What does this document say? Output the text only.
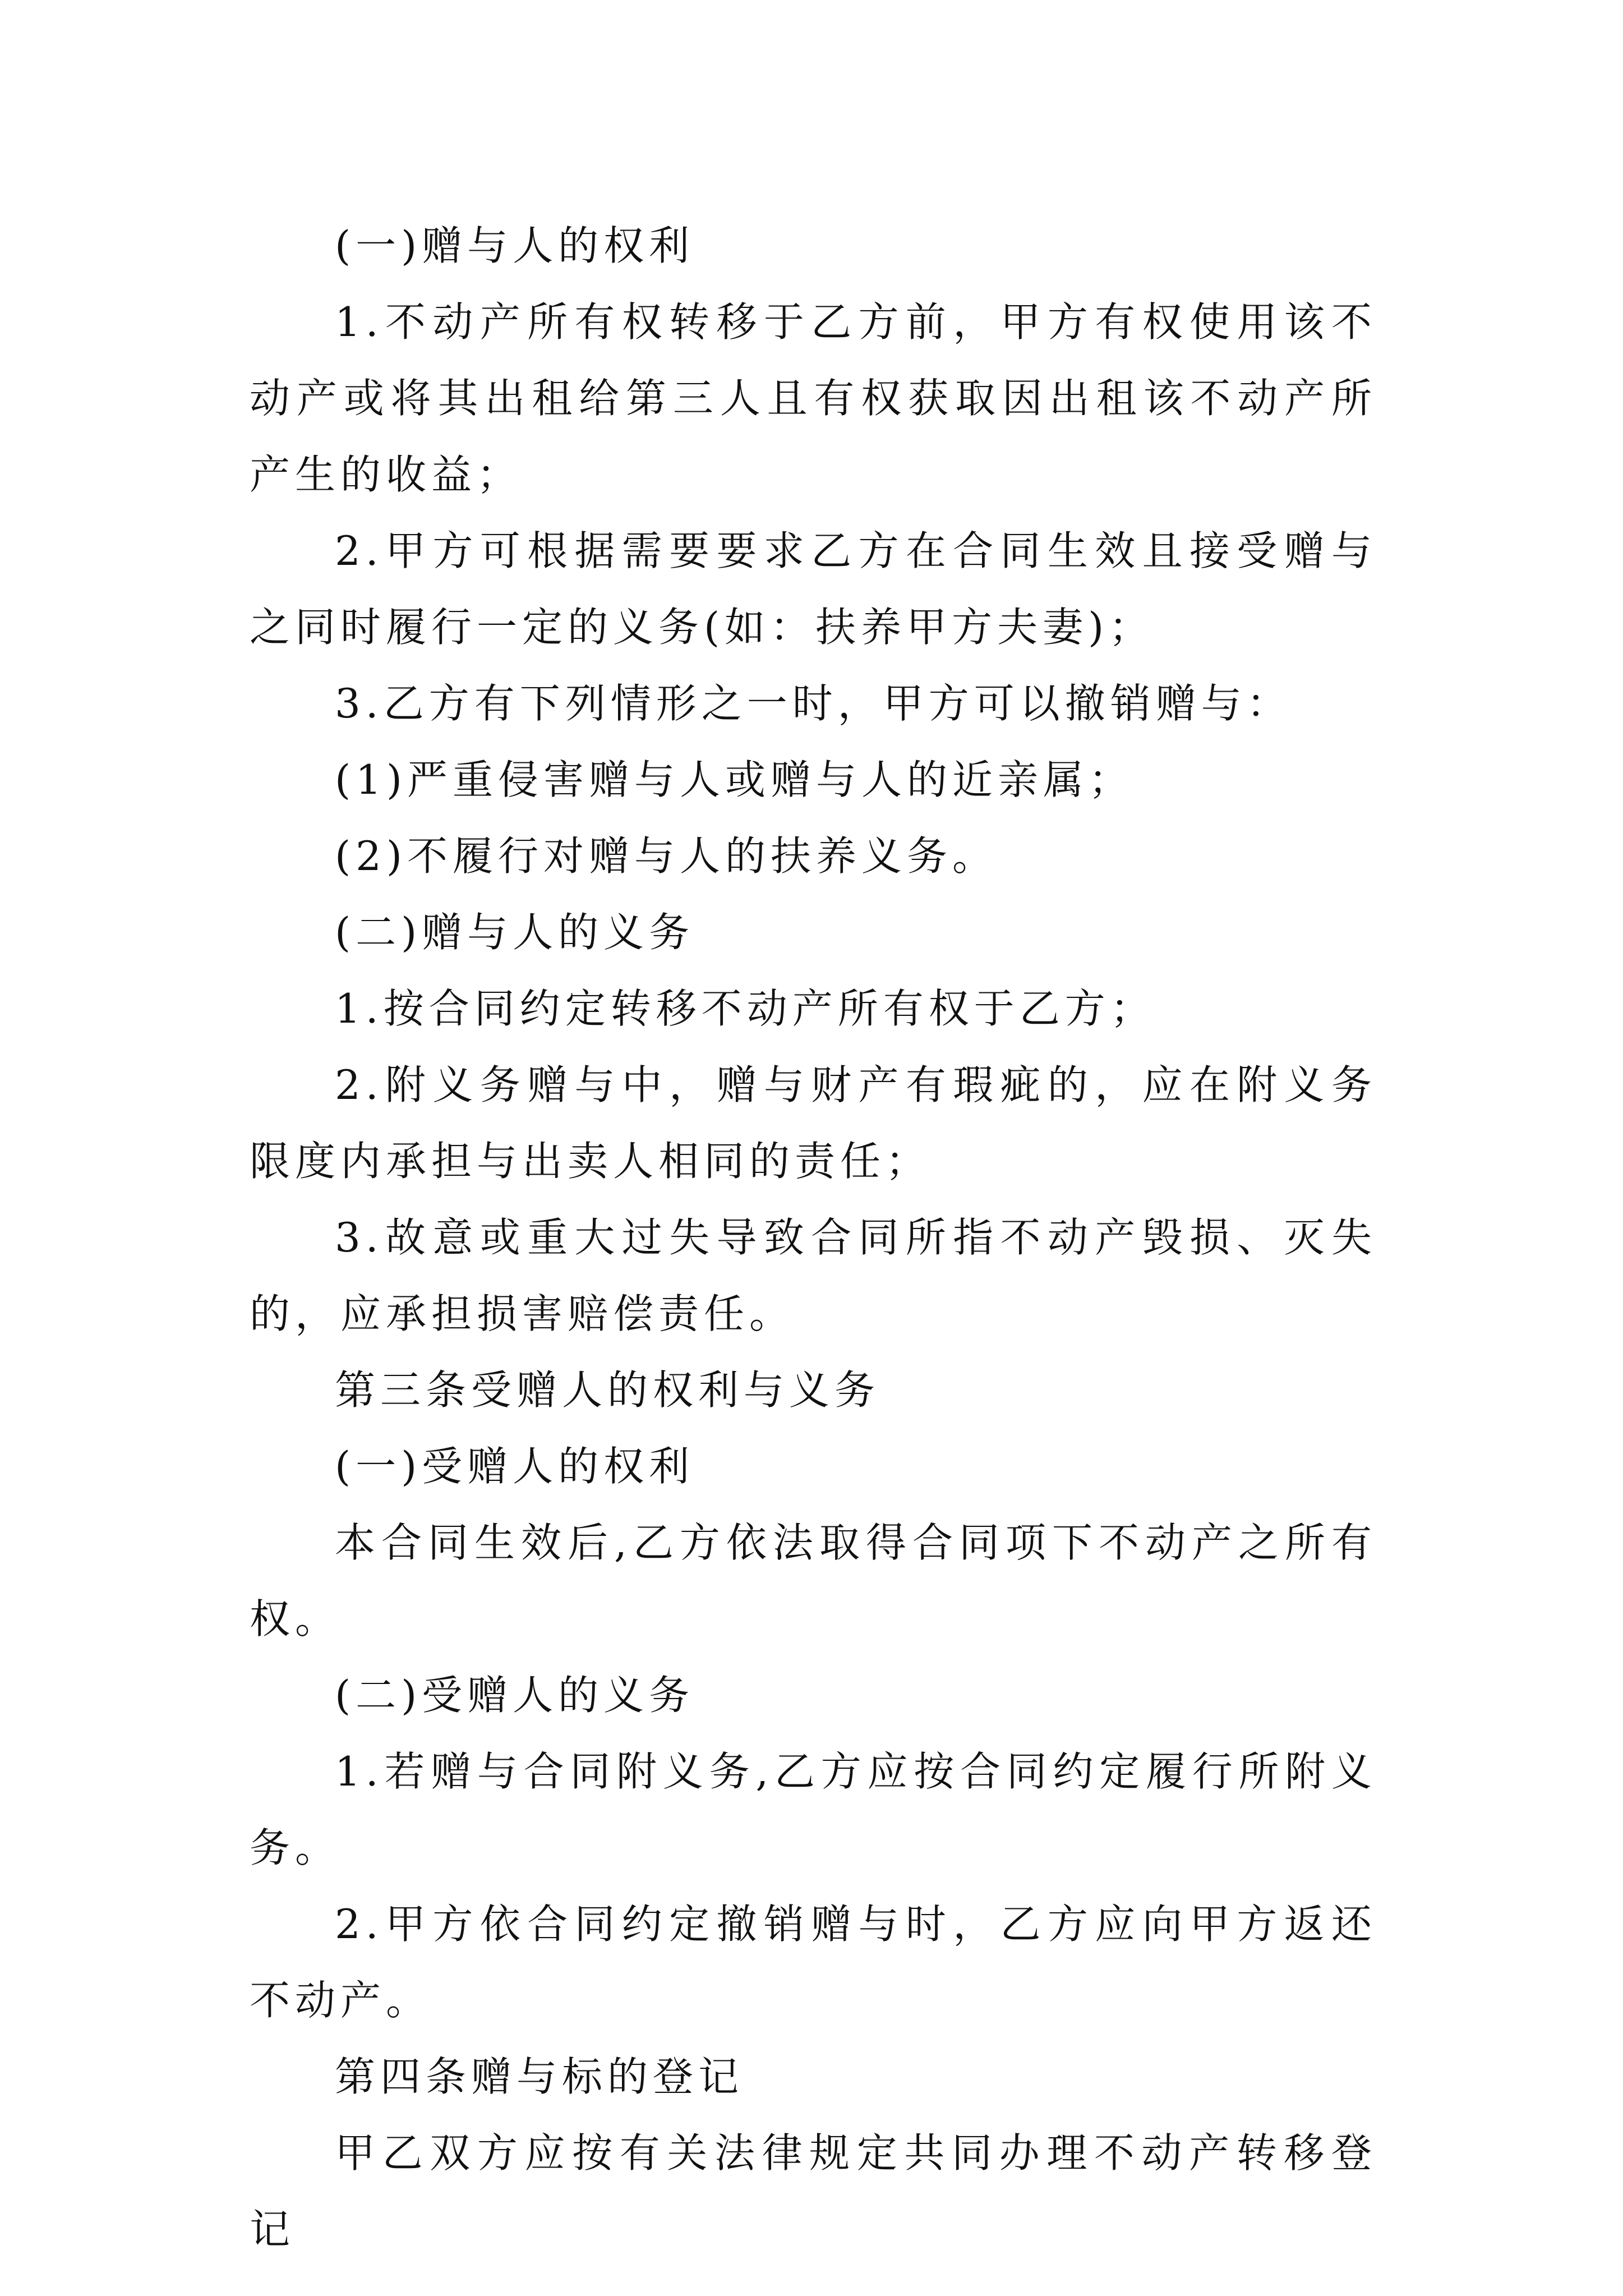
(一)赠与人的权利

1.不动产所有权转移于乙方前，甲方有权使用该不动产或将其出租给第三人且有权获取因出租该不动产所产生的收益；

2.甲方可根据需要要求乙方在合同生效且接受赠与之同时履行一定的义务(如：扶养甲方夫妻)；

3.乙方有下列情形之一时，甲方可以撤销赠与：

(1)严重侵害赠与人或赠与人的近亲属；

(2)不履行对赠与人的扶养义务。

(二)赠与人的义务

1.按合同约定转移不动产所有权于乙方；

2.附义务赠与中，赠与财产有瑕疵的，应在附义务限度内承担与出卖人相同的责任；

3.故意或重大过失导致合同所指不动产毁损、灭失的，应承担损害赔偿责任。

第三条受赠人的权利与义务

(一)受赠人的权利

本合同生效后,乙方依法取得合同项下不动产之所有权。

(二)受赠人的义务

1.若赠与合同附义务,乙方应按合同约定履行所附义务。

2.甲方依合同约定撤销赠与时，乙方应向甲方返还不动产。

第四条赠与标的登记

甲乙双方应按有关法律规定共同办理不动产转移登记
